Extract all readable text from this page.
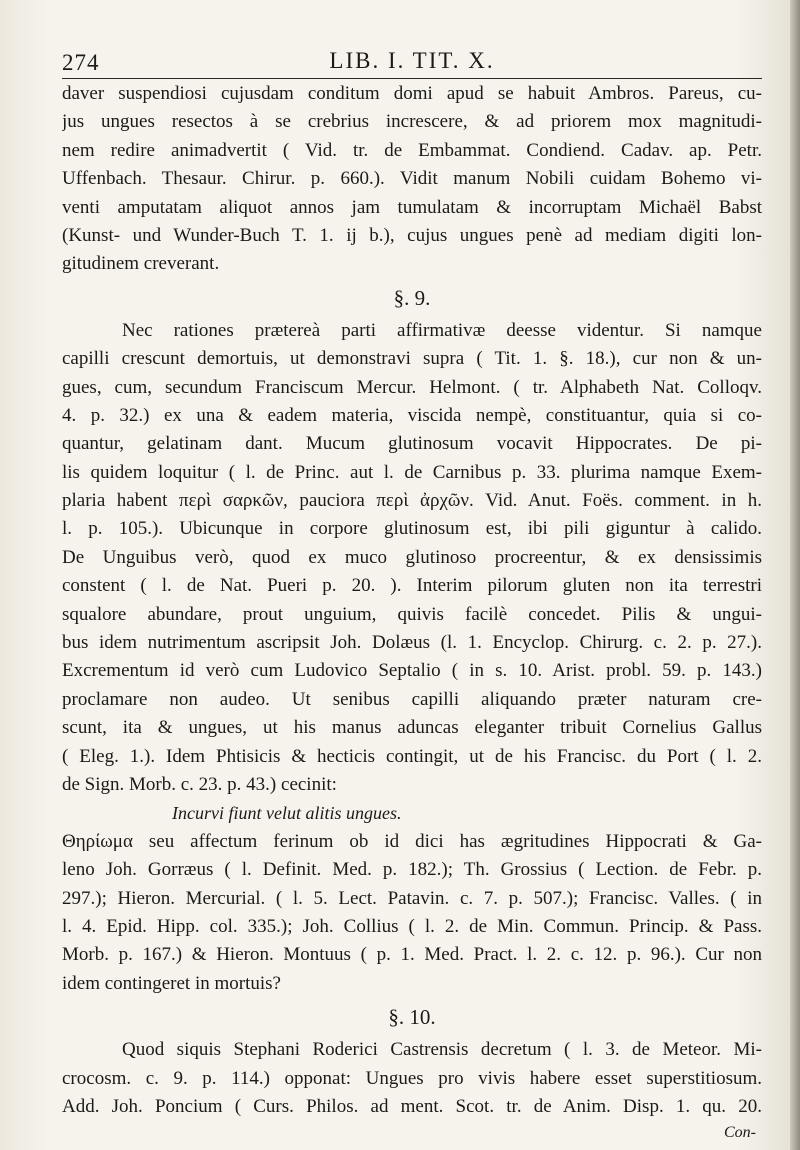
274	LIB. I. TIT. X.
daver suspendiosi cujusdam conditum domi apud se habuit Ambros. Pareus, cu-
jus ungues resectos à se crebrius increscere, & ad priorem mox magnitudi-
nem redire animadvertit ( Vid. tr. de Embammat. Condiend. Cadav. ap. Petr.
Uffenbach. Thesaur. Chirur. p. 660.). Vidit manum Nobili cuidam Bohemo vi-
venti amputatam aliquot annos jam tumulatam & incorruptam Michaël Babst
(Kunst- und Wunder-Buch T. 1. ij b.), cujus ungues penè ad mediam digiti lon-
gitudinem creverant.
§. 9.
Nec rationes prætereà parti affirmativæ deesse videntur. Si namque
capilli crescunt demortuis, ut demonstravi supra ( Tit. 1. §. 18.), cur non & un-
gues, cum, secundum Franciscum Mercur. Helmont. ( tr. Alphabeth Nat. Colloqv.
4. p. 32.) ex una & eadem materia, viscida nempè, constituantur, quia si co-
quantur, gelatinam dant. Mucum glutinosum vocavit Hippocrates. De pi-
lis quidem loquitur ( l. de Princ. aut l. de Carnibus p. 33. plurima namque Exem-
plaria habent περὶ σαρκῶν, pauciora περὶ ἀρχῶν. Vid. Anut. Foës. comment. in h.
l. p. 105.). Ubicunque in corpore glutinosum est, ibi pili giguntur à calido.
De Unguibus verò, quod ex muco glutinoso procreentur, & ex densissimis
constent ( l. de Nat. Pueri p. 20. ). Interim pilorum gluten non ita terrestri
squalore abundare, prout unguium, quivis facilè concedet. Pilis & ungui-
bus idem nutrimentum ascripsit Joh. Dolæus (l. 1. Encyclop. Chirurg. c. 2. p. 27.).
Excrementum id verò cum Ludovico Septalio ( in s. 10. Arist. probl. 59. p. 143.)
proclamare non audeo. Ut senibus capilli aliquando præter naturam cre-
scunt, ita & ungues, ut his manus aduncas eleganter tribuit Cornelius Gallus
( Eleg. 1.). Idem Phtisicis & hecticis contingit, ut de his Francisc. du Port ( l. 2.
de Sign. Morb. c. 23. p. 43.) cecinit:
Incurvi fiunt velut alitis ungues.
Θηρίωμα seu affectum ferinum ob id dici has ægritudines Hippocrati & Ga-
leno Joh. Gorræus ( l. Definit. Med. p. 182.); Th. Grossius ( Lection. de Febr. p.
297.); Hieron. Mercurial. ( l. 5. Lect. Patavin. c. 7. p. 507.); Francisc. Valles. ( in
l. 4. Epid. Hipp. col. 335.); Joh. Collius ( l. 2. de Min. Commun. Princip. & Pass.
Morb. p. 167.) & Hieron. Montuus ( p. 1. Med. Pract. l. 2. c. 12. p. 96.). Cur non
idem contingeret in mortuis?
§. 10.
Quod siquis Stephani Roderici Castrensis decretum ( l. 3. de Meteor. Mi-
crocosm. c. 9. p. 114.) opponat: Ungues pro vivis habere esset superstitiosum.
Add. Joh. Poncium ( Curs. Philos. ad ment. Scot. tr. de Anim. Disp. 1. qu. 20.
Con-
